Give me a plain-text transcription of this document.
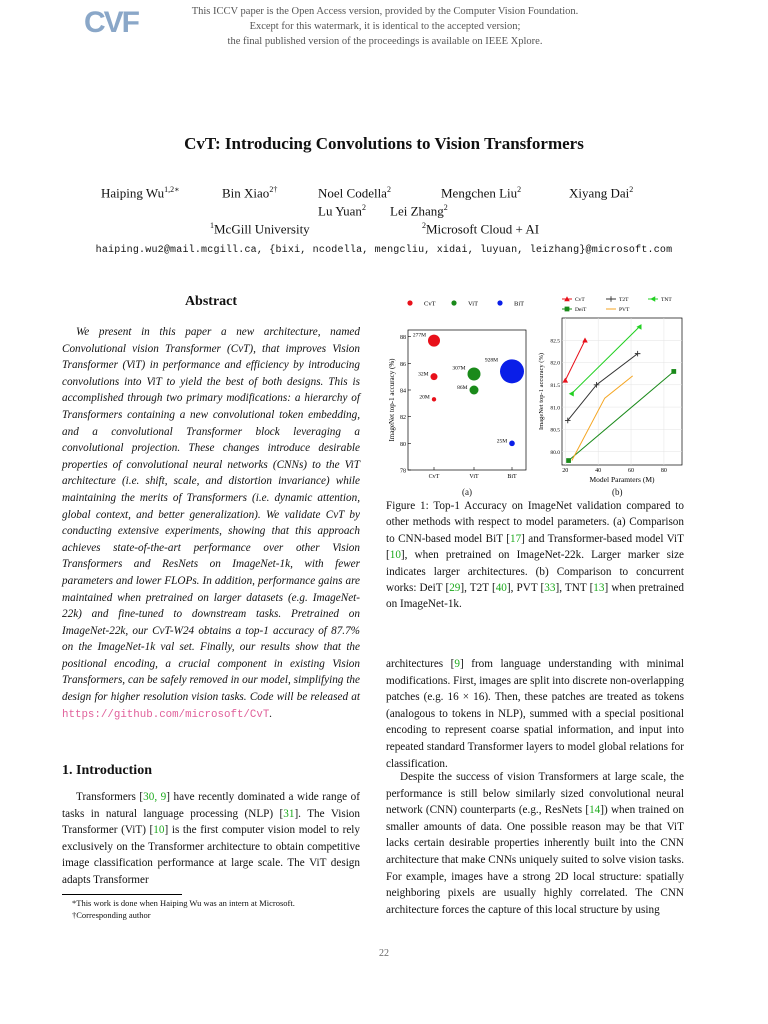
CVF	This ICCV paper is the Open Access version, provided by the Computer Vision Foundation.
Except for this watermark, it is identical to the accepted version;
the final published version of the proceedings is available on IEEE Xplore.
CvT: Introducing Convolutions to Vision Transformers
Haiping $Wu^{1,2∗}$	Bin Xiao$^{2\dagger}$	Noel Codella$^2$	Mengchen Liu$^2$	Xiyang Dai$^2$
Lu Yuan$^2$ Lei Zhang$^2$
$^1$McGill University	$^2$Microsoft Cloud + AI
haiping.wu2@mail.mcgill.ca, {bixi, ncodella, mengcliu, xidai, luyuan, leizhang}@microsoft.com
Abstract
We present in this paper a new architecture, named Convolutional vision Transformer (CvT), that improves Vision Transformer (ViT) in performance and efficiency by introducing convolutions into ViT to yield the best of both designs. This is accomplished through two primary modifications: a hierarchy of Transformers containing a new convolutional token embedding, and a convolutional Transformer block leveraging a convolutional projection. These changes introduce desirable properties of convolutional neural networks (CNNs) to the ViT architecture (i.e. shift, scale, and distortion invariance) while maintaining the merits of Transformers (i.e. dynamic attention, global context, and better generalization). We validate CvT by conducting extensive experiments, showing that this approach achieves state-of-the-art performance over other Vision Transformers and ResNets on ImageNet-1k, with fewer parameters and lower FLOPs. In addition, performance gains are maintained when pretrained on larger datasets (e.g. ImageNet-22k) and fine-tuned to downstream tasks. Pretrained on ImageNet-22k, our CvT-W24 obtains a top-1 accuracy of 87.7% on the ImageNet-1k val set. Finally, our results show that the positional encoding, a crucial component in existing Vision Transformers, can be safely removed in our model, simplifying the design for higher resolution vision tasks. Code will be released at https://github.com/microsoft/CvT.
1. Introduction
Transformers [30, 9] have recently dominated a wide range of tasks in natural language processing (NLP) [31]. The Vision Transformer (ViT) [10] is the first computer vision model to rely exclusively on the Transformer architecture to obtain competitive image classification performance at large scale. The ViT design adapts Transformer
*This work is done when Haiping Wu was an intern at Microsoft.
†Corresponding author
78
80
82
84
86
88
CvT	ViT	BiT
ImageNet top-1 accuracy (%)
CvT	ViT	BiT
277M
32M
20M
307M
86M
928M
25M
(a)
80.0
80.5
81.0
81.5
82.0
82.5
20	40	60	80
Model Paramters (M)
ImageNet top-1 accuracy (%)
CvT
DeiT
T2T
PVT
TNT
(b)
Figure 1: Top-1 Accuracy on ImageNet validation compared to other methods with respect to model parameters. (a) Comparison to CNN-based model BiT [17] and Transformer-based model ViT [10], when pretrained on ImageNet-22k. Larger marker size indicates larger architectures. (b) Comparison to concurrent works: DeiT [29], T2T [40], PVT [33], TNT [13] when pretrained on ImageNet-1k.
architectures [9] from language understanding with minimal modifications. First, images are split into discrete non-overlapping patches (e.g. 16 × 16). Then, these patches are treated as tokens (analogous to tokens in NLP), summed with a special positional encoding to represent coarse spatial information, and input into repeated standard Transformer layers to model global relations for classification.
Despite the success of vision Transformers at large scale, the performance is still below similarly sized convolutional neural network (CNN) counterparts (e.g., ResNets [14]) when trained on smaller amounts of data. One possible reason may be that ViT lacks certain desirable properties inherently built into the CNN architecture that make CNNs uniquely suited to solve vision tasks. For example, images have a strong 2D local structure: spatially neighboring pixels are usually highly correlated. The CNN architecture forces the capture of this local structure by using
22
